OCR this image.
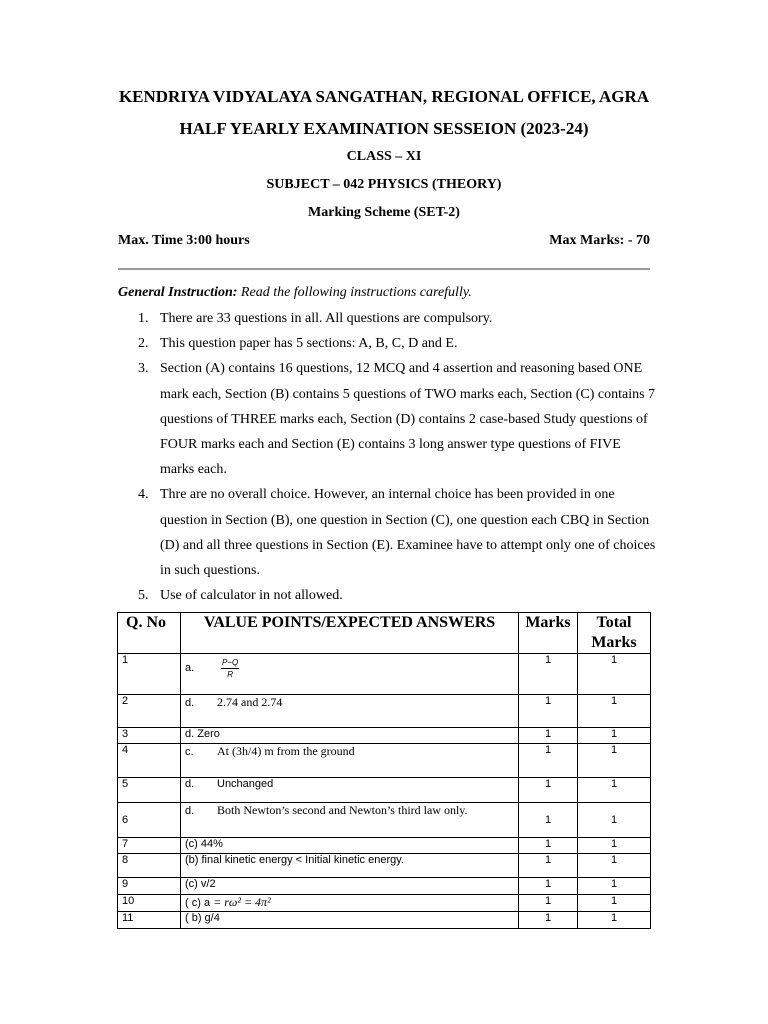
KENDRIYA VIDYALAYA SANGATHAN, REGIONAL OFFICE, AGRA
HALF YEARLY EXAMINATION SESSEION (2023-24)
CLASS – XI
SUBJECT – 042 PHYSICS (THEORY)
Marking Scheme (SET-2)
Max. Time 3:00 hours	Max Marks: - 70
General Instruction: Read the following instructions carefully.
1. There are 33 questions in all. All questions are compulsory.
2. This question paper has 5 sections: A, B, C, D and E.
3. Section (A) contains 16 questions, 12 MCQ and 4 assertion and reasoning based ONE mark each, Section (B) contains 5 questions of TWO marks each, Section (C) contains 7 questions of THREE marks each, Section (D) contains 2 case-based Study questions of FOUR marks each and Section (E) contains 3 long answer type questions of FIVE marks each.
4. Thre are no overall choice. However, an internal choice has been provided in one question in Section (B), one question in Section (C), one question each CBQ in Section (D) and all three questions in Section (E). Examinee have to attempt only one of choices in such questions.
5. Use of calculator in not allowed.
Q. No	VALUE POINTS/EXPECTED ANSWERS	Marks	Total
Marks

1	a. $\frac{P-Q}{R}$	1	1
2	d. 2.74 and 2.74	1	1
3	d. Zero	1	1
4	c. At (3h/4) m from the ground	1	1
5	d. Unchanged	1	1
6	d. Both Newton’s second and Newton’s third law only.	1	1
7	(c) 44%	1	1
8	(b) final kinetic energy < Initial kinetic energy.	1	1
9	(c) v/2	1	1
10	( c) a = rω² = 4π²	1	1
11	( b) g/4	1	1
